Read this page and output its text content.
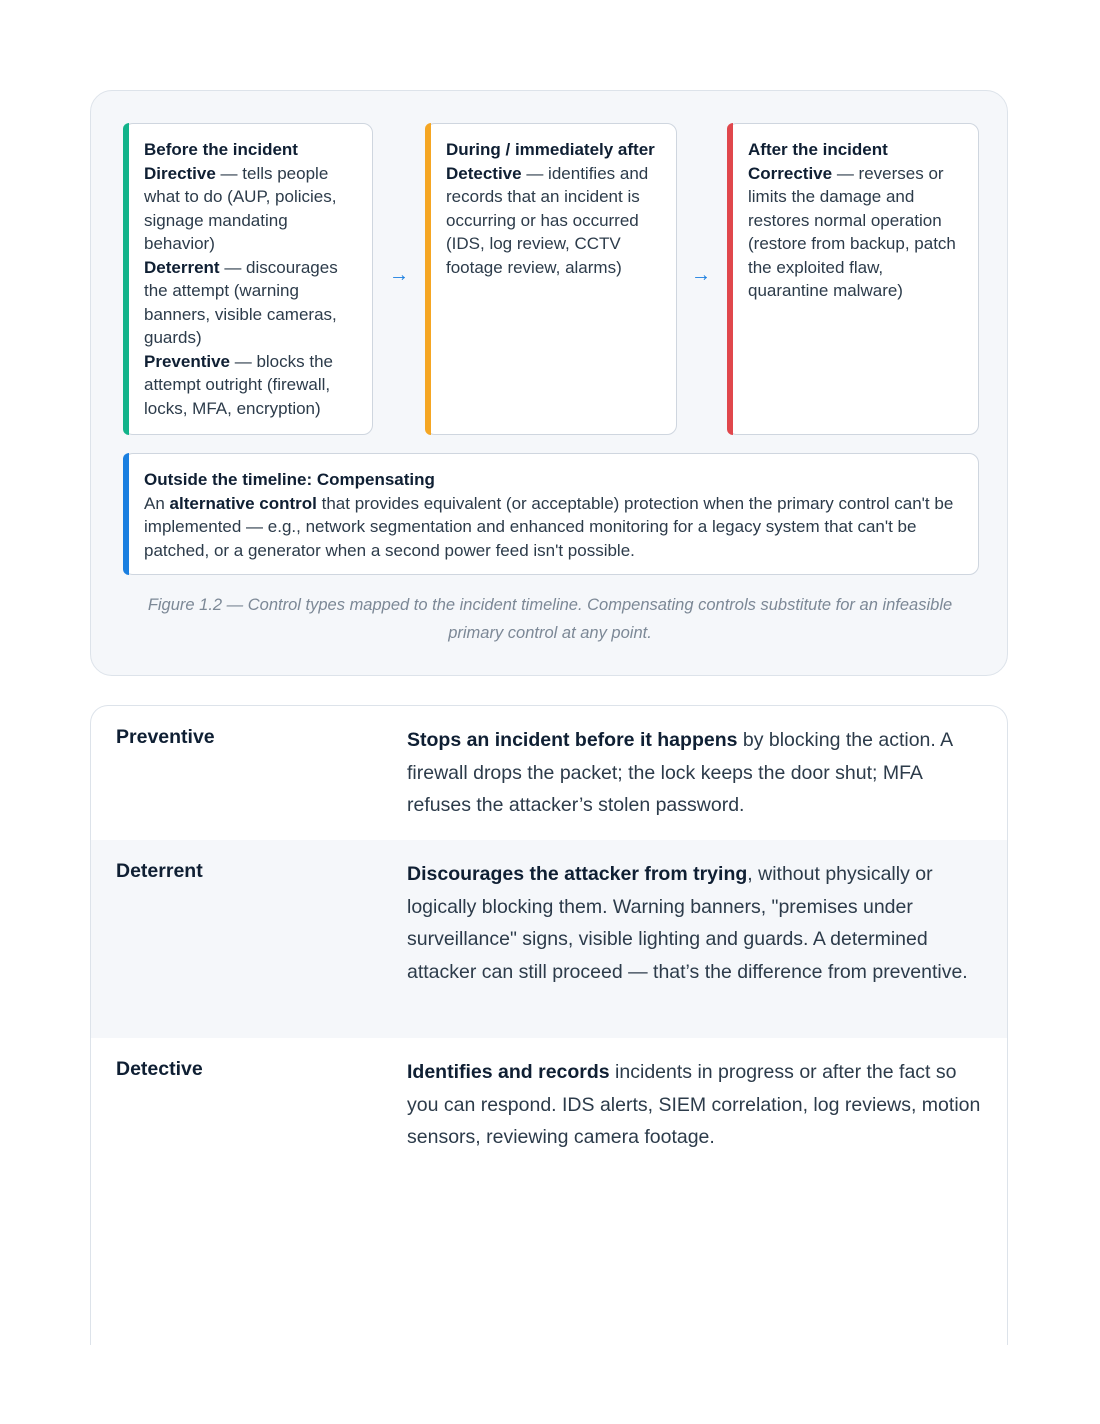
Before the incident
Directive — tells people what to do (AUP, policies, signage mandating behavior)
Deterrent — discourages the attempt (warning banners, visible cameras, guards)
Preventive — blocks the attempt outright (firewall, locks, MFA, encryption)
→
During / immediately after
Detective — identifies and records that an incident is occurring or has occurred (IDS, log review, CCTV footage review, alarms)	→
After the incident
Corrective — reverses or limits the damage and restores normal operation (restore from backup, patch the exploited flaw, quarantine malware)
Outside the timeline: Compensating
An alternative control that provides equivalent (or acceptable) protection when the primary control can't be implemented — e.g., network segmentation and enhanced monitoring for a legacy system that can't be patched, or a generator when a second power feed isn't possible.
Figure 1.2 — Control types mapped to the incident timeline. Compensating controls substitute for an infeasible primary control at any point.
Preventive	Stops an incident before it happens by blocking the action. A firewall drops the packet; the lock keeps the door shut; MFA refuses the attacker’s stolen password.
Deterrent	Discourages the attacker from trying, without physically or logically blocking them. Warning banners, "premises under surveillance" signs, visible lighting and guards. A determined attacker can still proceed — that’s the difference from preventive.
Detective	Identifies and records incidents in progress or after the fact so you can respond. IDS alerts, SIEM correlation, log reviews, motion sensors, reviewing camera footage.
